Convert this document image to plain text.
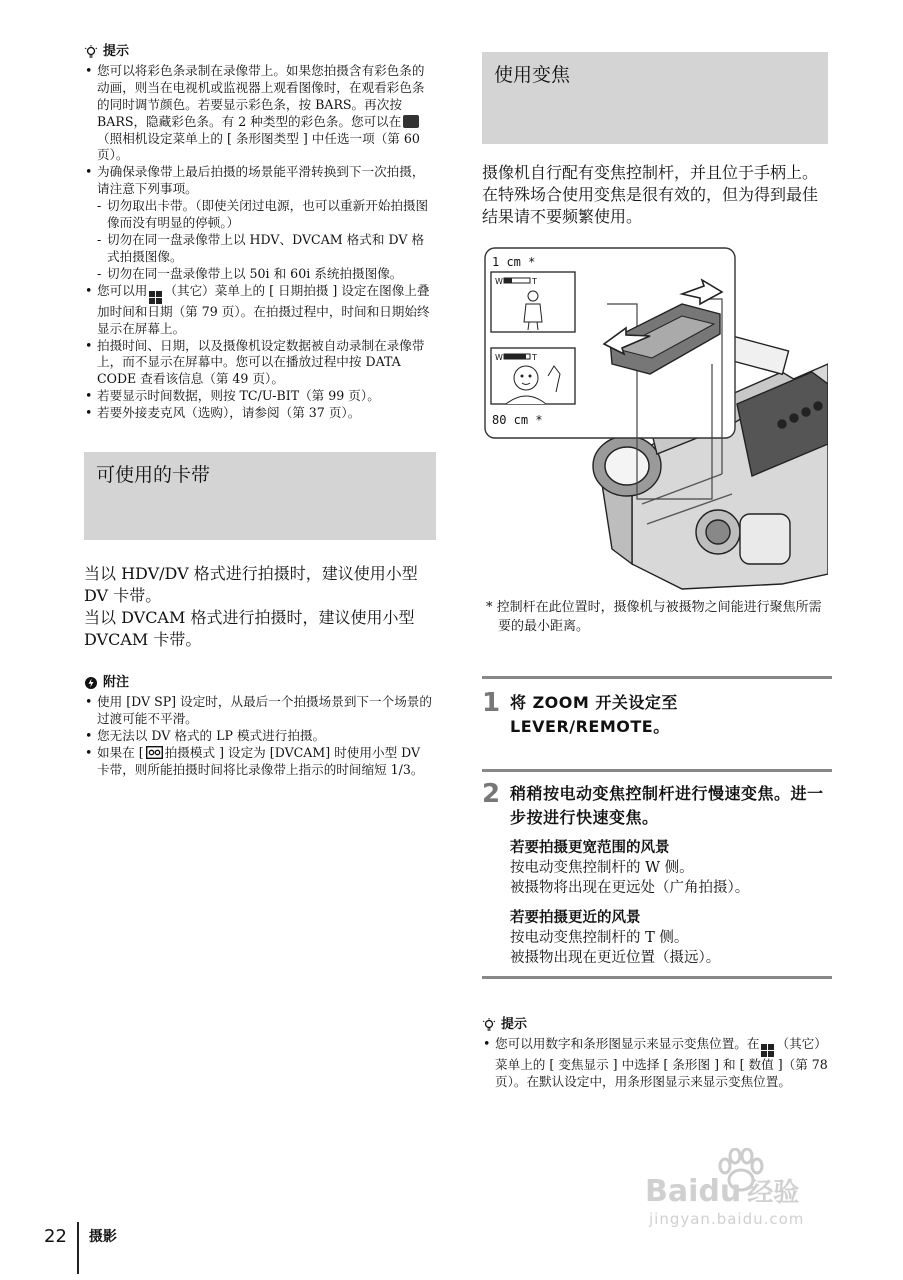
提示
• 您可以将彩色条录制在录像带上。如果您拍摄含有彩色条的动画，则当在电视机或监视器上观看图像时，在观看彩色条的同时调节颜色。若要显示彩色条，按 BARS。再次按 BARS，隐藏彩色条。有 2 种类型的彩色条。您可以在（照相机设定菜单上的 [ 条形图类型 ] 中任选一项（第 60 页）。
• 为确保录像带上最后拍摄的场景能平滑转换到下一次拍摄，请注意下列事项。
- 切勿取出卡带。（即使关闭过电源，也可以重新开始拍摄图像而没有明显的停顿。）
- 切勿在同一盘录像带上以 HDV、DVCAM 格式和 DV 格式拍摄图像。
- 切勿在同一盘录像带上以 50i 和 60i 系统拍摄图像。
• 您可以用 （其它）菜单上的 [ 日期拍摄 ] 设定在图像上叠加时间和日期（第 79 页）。在拍摄过程中，时间和日期始终显示在屏幕上。
• 拍摄时间、日期，以及摄像机设定数据被自动录制在录像带上，而不显示在屏幕中。您可以在播放过程中按 DATA CODE 查看该信息（第 49 页）。
• 若要显示时间数据，则按 TC/U-BIT（第 99 页）。
• 若要外接麦克风（选购），请参阅（第 37 页）。
可使用的卡带
当以 HDV/DV 格式进行拍摄时，建议使用小型 DV 卡带。
当以 DVCAM 格式进行拍摄时，建议使用小型 DVCAM 卡带。
附注
• 使用 [DV SP] 设定时，从最后一个拍摄场景到下一个场景的过渡可能不平滑。
• 您无法以 DV 格式的 LP 模式进行拍摄。
• 如果在 [ 拍摄模式 ] 设定为 [DVCAM] 时使用小型 DV 卡带，则所能拍摄时间将比录像带上指示的时间缩短 1/3。
使用变焦
摄像机自行配有变焦控制杆，并且位于手柄上。
在特殊场合使用变焦是很有效的，但为得到最佳结果请不要频繁使用。
1 cm *
W	T
W	T
80 cm *
* 控制杆在此位置时，摄像机与被摄物之间能进行聚焦所需要的最小距离。
1 将 ZOOM 开关设定至 LEVER/REMOTE。
2 稍稍按电动变焦控制杆进行慢速变焦。进一步按进行快速变焦。
若要拍摄更宽范围的风景
按电动变焦控制杆的 W 侧。
被摄物将出现在更远处（广角拍摄）。
若要拍摄更近的风景
按电动变焦控制杆的 T 侧。
被摄物出现在更近位置（摄远）。
提示
• 您可以用数字和条形图显示来显示变焦位置。在 （其它）菜单上的 [ 变焦显示 ] 中选择 [ 条形图 ] 和 [ 数值 ]（第 78 页）。在默认设定中，用条形图显示来显示变焦位置。
22	摄影
Baidu 经验
jingyan.baidu.com
